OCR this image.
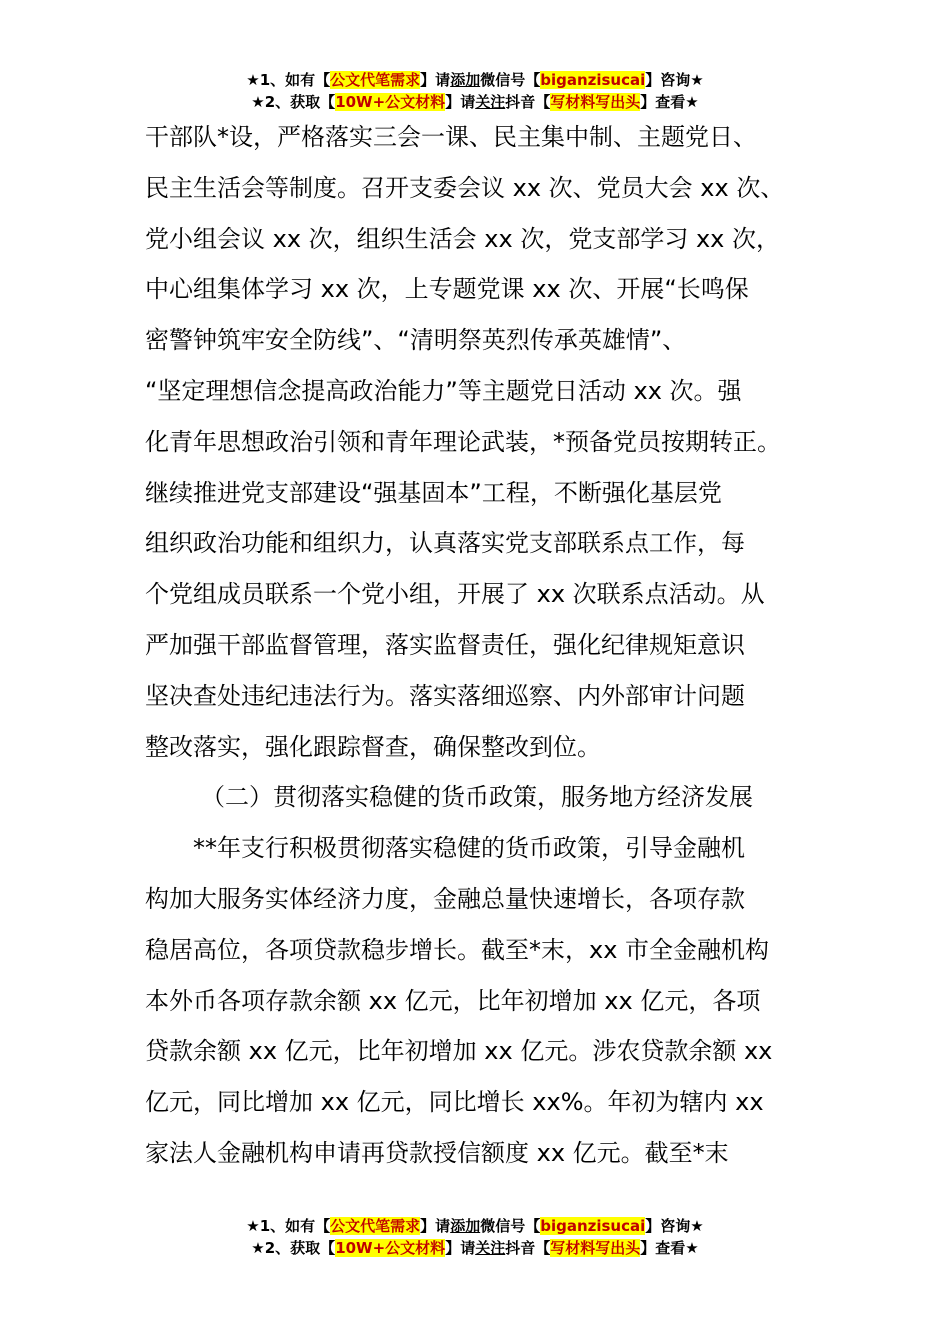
★1、如有【公文代笔需求】请添加微信号【biganzisucai】咨询★
★2、获取【10W+公文材料】请关注抖音【写材料写出头】查看★
干部队*设，严格落实三会一课、民主集中制、主题党日、
民主生活会等制度。召开支委会议 xx 次、党员大会 xx 次、
党小组会议 xx 次，组织生活会 xx 次，党支部学习 xx 次，
中心组集体学习 xx 次，上专题党课 xx 次、开展“长鸣保
密警钟筑牢安全防线”、“清明祭英烈传承英雄情”、
“坚定理想信念提高政治能力”等主题党日活动 xx 次。强
化青年思想政治引领和青年理论武装，*预备党员按期转正。
继续推进党支部建设“强基固本”工程，不断强化基层党
组织政治功能和组织力，认真落实党支部联系点工作，每
个党组成员联系一个党小组，开展了 xx 次联系点活动。从
严加强干部监督管理，落实监督责任，强化纪律规矩意识
坚决查处违纪违法行为。落实落细巡察、内外部审计问题
整改落实，强化跟踪督查，确保整改到位。
（二）贯彻落实稳健的货币政策，服务地方经济发展
**年支行积极贯彻落实稳健的货币政策，引导金融机
构加大服务实体经济力度，金融总量快速增长，各项存款
稳居高位，各项贷款稳步增长。截至*末，xx 市全金融机构
本外币各项存款余额 xx 亿元，比年初增加 xx 亿元，各项
贷款余额 xx 亿元，比年初增加 xx 亿元。涉农贷款余额 xx
亿元，同比增加 xx 亿元，同比增长 xx%。年初为辖内 xx
家法人金融机构申请再贷款授信额度 xx 亿元。截至*末
★1、如有【公文代笔需求】请添加微信号【biganzisucai】咨询★
★2、获取【10W+公文材料】请关注抖音【写材料写出头】查看★
